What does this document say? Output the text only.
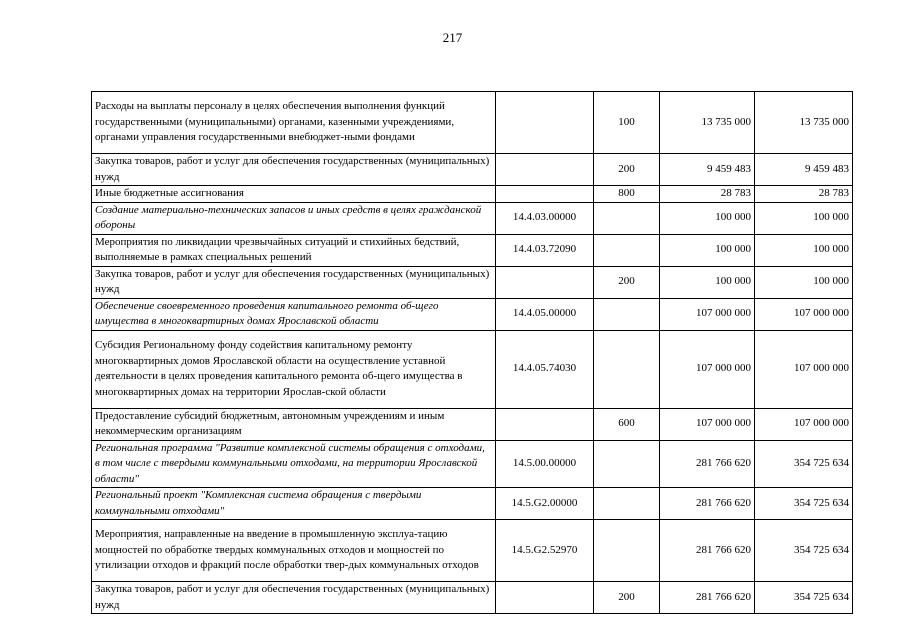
217
Расходы на выплаты персоналу в целях обеспечения выполнения функций государственными (муниципальными) органами, казенными учреждениями, органами управления государственными внебюджет-ными фондами		100	13 735 000	13 735 000
Закупка товаров, работ и услуг для обеспечения государственных (муниципальных) нужд		200	9 459 483	9 459 483
Иные бюджетные ассигнования		800	28 783	28 783
Создание материально-технических запасов и иных средств в целях гражданской обороны	14.4.03.00000		100 000	100 000
Мероприятия по ликвидации чрезвычайных ситуаций и стихийных бедствий, выполняемые в рамках специальных решений	14.4.03.72090		100 000	100 000
Закупка товаров, работ и услуг для обеспечения государственных (муниципальных) нужд		200	100 000	100 000
Обеспечение своевременного проведения капитального ремонта об-щего имущества в многоквартирных домах Ярославской области	14.4.05.00000		107 000 000	107 000 000
Субсидия Региональному фонду содействия капитальному ремонту многоквартирных домов Ярославской области на осуществление уставной деятельности в целях проведения капитального ремонта об-щего имущества в многоквартирных домах на территории Ярослав-ской области	14.4.05.74030		107 000 000	107 000 000
Предоставление субсидий бюджетным, автономным учреждениям и иным некоммерческим организациям		600	107 000 000	107 000 000
Региональная программа "Развитие комплексной системы обращения с отходами, в том числе с твердыми коммунальными отходами, на территории Ярославской области"	14.5.00.00000		281 766 620	354 725 634
Региональный проект "Комплексная система обращения с твердыми коммунальными отходами"	14.5.G2.00000		281 766 620	354 725 634
Мероприятия, направленные на введение в промышленную эксплуа-тацию мощностей по обработке твердых коммунальных отходов и мощностей по утилизации отходов и фракций после обработки твер-дых коммунальных отходов	14.5.G2.52970		281 766 620	354 725 634
Закупка товаров, работ и услуг для обеспечения государственных (муниципальных) нужд		200	281 766 620	354 725 634
